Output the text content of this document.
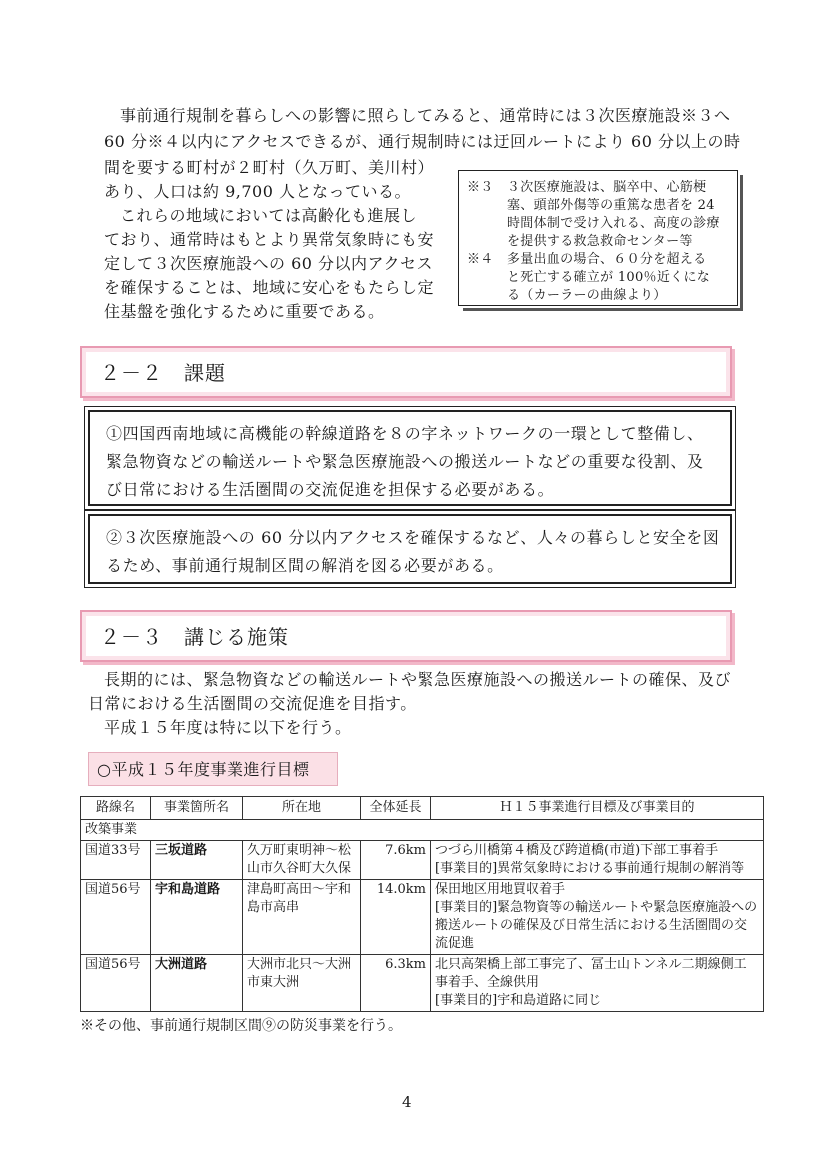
事前通行規制を暮らしへの影響に照らしてみると、通常時には３次医療施設※３へ
60 分※４以内にアクセスできるが、通行規制時には迂回ルートにより 60 分以上の時
間を要する町村が２町村（久万町、美川村）
あり、人口は約 9,700 人となっている。
これらの地域においては高齢化も進展し
ており、通常時はもとより異常気象時にも安
定して３次医療施設への 60 分以内アクセス
を確保することは、地域に安心をもたらし定
住基盤を強化するために重要である。
※３　３次医療施設は、脳卒中、心筋梗
塞、頭部外傷等の重篤な患者を 24
時間体制で受け入れる、高度の診療
を提供する救急救命センター等
※４　多量出血の場合、６０分を超える
と死亡する確立が 100％近くにな
る（カーラーの曲線より）
２－２　課題
①四国西南地域に高機能の幹線道路を８の字ネットワークの一環として整備し、
緊急物資などの輸送ルートや緊急医療施設への搬送ルートなどの重要な役割、及
び日常における生活圏間の交流促進を担保する必要がある。
②３次医療施設への 60 分以内アクセスを確保するなど、人々の暮らしと安全を図
るため、事前通行規制区間の解消を図る必要がある。
２－３　講じる施策
長期的には、緊急物資などの輸送ルートや緊急医療施設への搬送ルートの確保、及び
日常における生活圏間の交流促進を目指す。
平成１５年度は特に以下を行う。
○平成１５年度事業進行目標
路線名	事業箇所名	所在地	全体延長	Ｈ１５事業進行目標及び事業目的
改築事業				
国道33号	三坂道路	久万町東明神～松山市久谷町大久保	7.6km	つづら川橋第４橋及び跨道橋(市道)下部工事着手
[事業目的]異常気象時における事前通行規制の解消等

国道56号	宇和島道路	津島町高田～宇和島市高串	14.0km	保田地区用地買収着手
[事業目的]緊急物資等の輸送ルートや緊急医療施設への搬送ルートの確保及び日常生活における生活圏間の交流促進

国道56号	大洲道路	大洲市北只～大洲市東大洲	6.3km	北只高架橋上部工事完了、冨士山トンネル二期線側工事着手、全線供用
[事業目的]宇和島道路に同じ
※その他、事前通行規制区間⑨の防災事業を行う。
4
